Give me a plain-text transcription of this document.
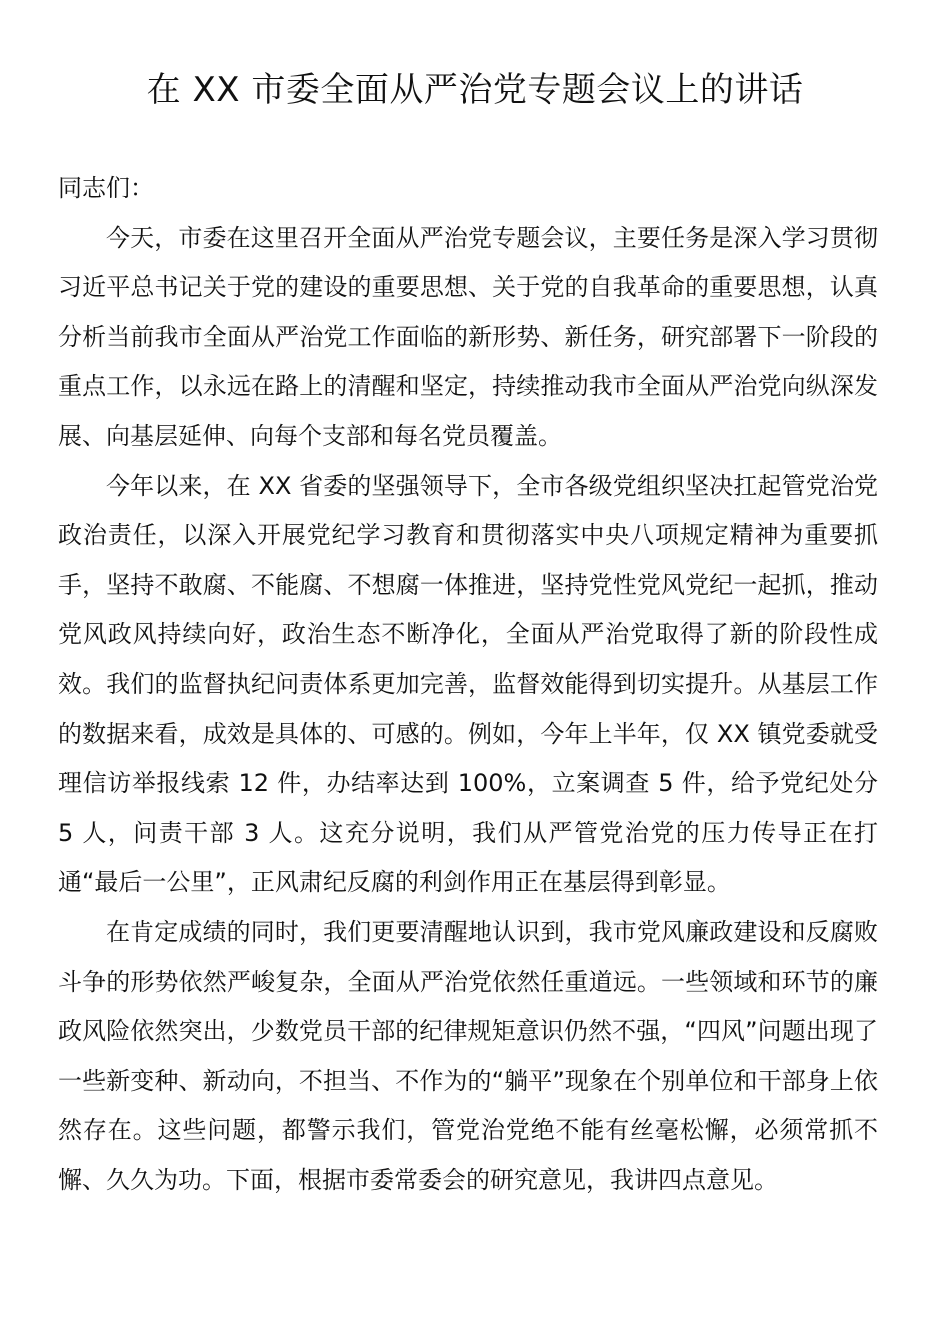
在 XX 市委全面从严治党专题会议上的讲话

同志们：

今天，市委在这里召开全面从严治党专题会议，主要任务是深入学习贯彻习近平总书记关于党的建设的重要思想、关于党的自我革命的重要思想，认真分析当前我市全面从严治党工作面临的新形势、新任务，研究部署下一阶段的重点工作，以永远在路上的清醒和坚定，持续推动我市全面从严治党向纵深发展、向基层延伸、向每个支部和每名党员覆盖。

今年以来，在 XX 省委的坚强领导下，全市各级党组织坚决扛起管党治党政治责任，以深入开展党纪学习教育和贯彻落实中央八项规定精神为重要抓手，坚持不敢腐、不能腐、不想腐一体推进，坚持党性党风党纪一起抓，推动党风政风持续向好，政治生态不断净化，全面从严治党取得了新的阶段性成效。我们的监督执纪问责体系更加完善，监督效能得到切实提升。从基层工作的数据来看，成效是具体的、可感的。例如，今年上半年，仅 XX 镇党委就受理信访举报线索 12 件，办结率达到 100%，立案调查 5 件，给予党纪处分 5 人，问责干部 3 人。这充分说明，我们从严管党治党的压力传导正在打通“最后一公里”，正风肃纪反腐的利剑作用正在基层得到彰显。

在肯定成绩的同时，我们更要清醒地认识到，我市党风廉政建设和反腐败斗争的形势依然严峻复杂，全面从严治党依然任重道远。一些领域和环节的廉政风险依然突出，少数党员干部的纪律规矩意识仍然不强，“四风”问题出现了一些新变种、新动向，不担当、不作为的“躺平”现象在个别单位和干部身上依然存在。这些问题，都警示我们，管党治党绝不能有丝毫松懈，必须常抓不懈、久久为功。下面，根据市委常委会的研究意见，我讲四点意见。
